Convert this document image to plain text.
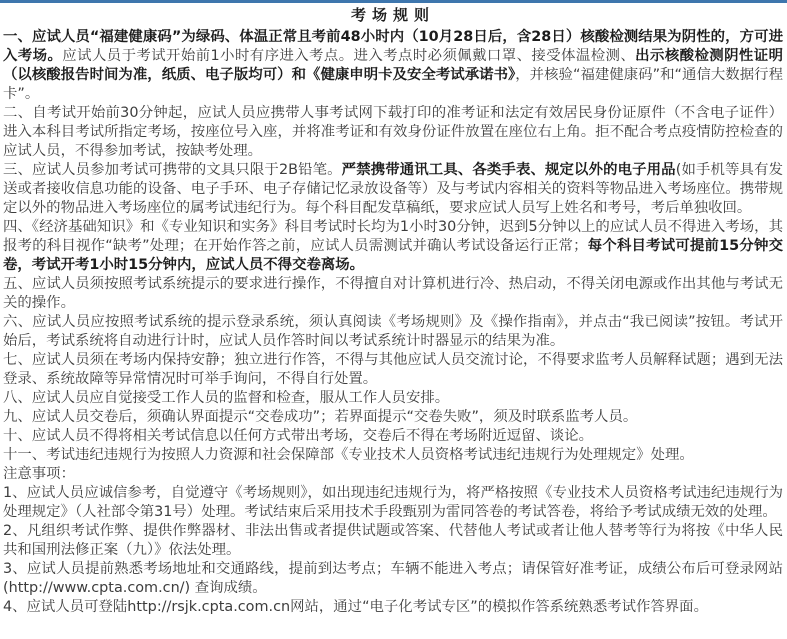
考场规则

一、应试人员“福建健康码”为绿码、体温正常且考前48小时内（10月28日后，含28日）核酸检测结果为阴性的，方可进入考场。应试人员于考试开始前1小时有序进入考点。进入考点时必须佩戴口罩、接受体温检测、出示核酸检测阴性证明（以核酸报告时间为准，纸质、电子版均可）和《健康申明卡及安全考试承诺书》，并核验“福建健康码”和“通信大数据行程卡”。

二、自考试开始前30分钟起，应试人员应携带人事考试网下载打印的准考证和法定有效居民身份证原件（不含电子证件）进入本科目考试所指定考场，按座位号入座，并将准考证和有效身份证件放置在座位右上角。拒不配合考点疫情防控检查的应试人员，不得参加考试，按缺考处理。

三、应试人员参加考试可携带的文具只限于2B铅笔。严禁携带通讯工具、各类手表、规定以外的电子用品(如手机等具有发送或者接收信息功能的设备、电子手环、电子存储记忆录放设备等）及与考试内容相关的资料等物品进入考场座位。携带规定以外的物品进入考场座位的属考试违纪行为。每个科目配发草稿纸，要求应试人员写上姓名和考号，考后单独收回。

四、《经济基础知识》和《专业知识和实务》科目考试时长均为1小时30分钟，迟到5分钟以上的应试人员不得进入考场，其报考的科目视作“缺考”处理；在开始作答之前，应试人员需测试并确认考试设备运行正常；每个科目考试可提前15分钟交卷，考试开考1小时15分钟内，应试人员不得交卷离场。

五、应试人员须按照考试系统提示的要求进行操作，不得擅自对计算机进行冷、热启动，不得关闭电源或作出其他与考试无关的操作。

六、应试人员应按照考试系统的提示登录系统，须认真阅读《考场规则》及《操作指南》，并点击“我已阅读”按钮。考试开始后，考试系统将自动进行计时，应试人员作答时间以考试系统计时器显示的结果为准。

七、应试人员须在考场内保持安静；独立进行作答，不得与其他应试人员交流讨论，不得要求监考人员解释试题；遇到无法登录、系统故障等异常情况时可举手询问，不得自行处置。

八、应试人员应自觉接受工作人员的监督和检查，服从工作人员安排。

九、应试人员交卷后，须确认界面提示“交卷成功”；若界面提示“交卷失败”，须及时联系监考人员。

十、应试人员不得将相关考试信息以任何方式带出考场，交卷后不得在考场附近逗留、谈论。

十一、考试违纪违规行为按照人力资源和社会保障部《专业技术人员资格考试违纪违规行为处理规定》处理。

注意事项：

1、应试人员应诚信参考，自觉遵守《考场规则》，如出现违纪违规行为，将严格按照《专业技术人员资格考试违纪违规行为处理规定》（人社部令第31号）处理。考试结束后采用技术手段甄别为雷同答卷的考试答卷，将给予考试成绩无效的处理。

2、凡组织考试作弊、提供作弊器材、非法出售或者提供试题或答案、代替他人考试或者让他人替考等行为将按《中华人民共和国刑法修正案（九）》依法处理。

3、应试人员提前熟悉考场地址和交通路线，提前到达考点；车辆不能进入考点；请保管好准考证，成绩公布后可登录网站(http://www.cpta.com.cn/) 查询成绩。

4、应试人员可登陆http://rsjk.cpta.com.cn网站，通过“电子化考试专区”的模拟作答系统熟悉考试作答界面。
